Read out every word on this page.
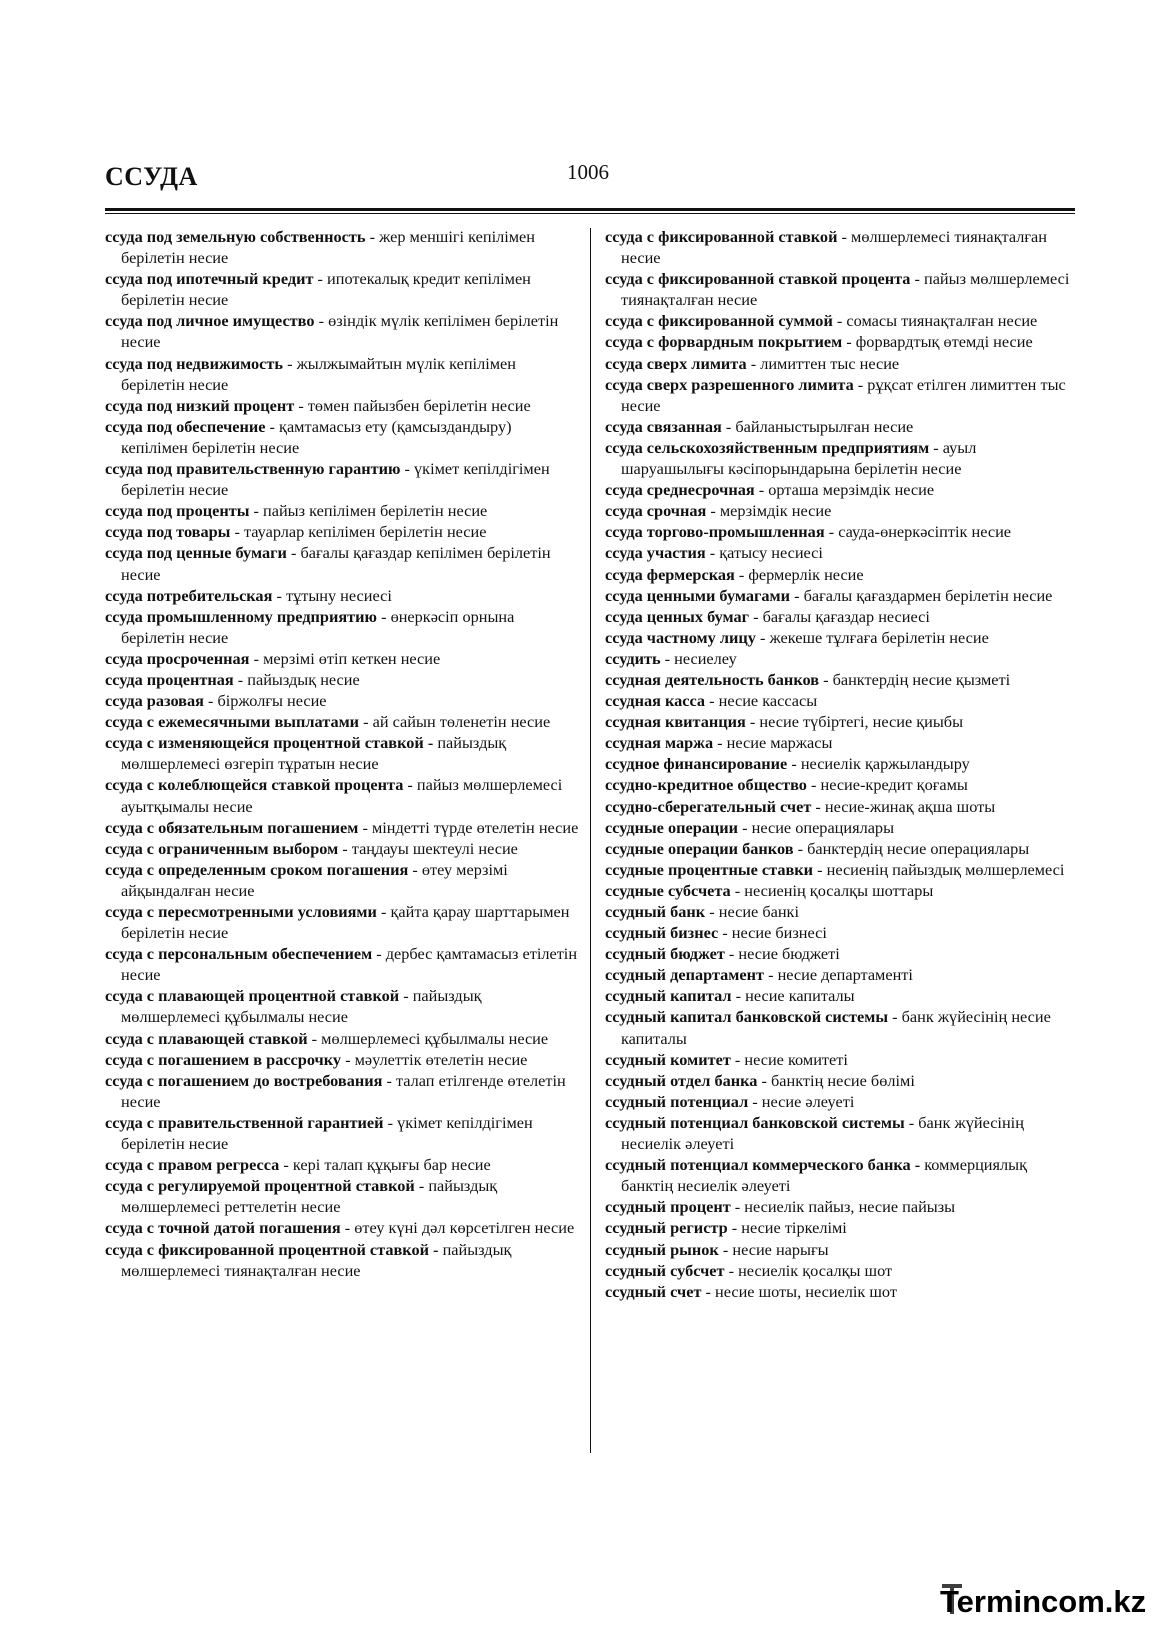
ССУДА	1006

ссуда под земельную собственность - жер меншігі кепілімен берілетін несие

ссуда под ипотечный кредит - ипотекалық кредит кепілімен берілетін несие

ссуда под личное имущество - өзіндік мүлік кепілімен берілетін несие

ссуда под недвижимость - жылжымайтын мүлік кепілімен берілетін несие

ссуда под низкий процент - төмен пайызбен берілетін несие

ссуда под обеспечение - қамтамасыз ету (қамсыздандыру) кепілімен берілетін несие

ссуда под правительственную гарантию - үкімет кепілдігімен берілетін несие

ссуда под проценты - пайыз кепілімен берілетін несие

ссуда под товары - тауарлар кепілімен берілетін несие

ссуда под ценные бумаги - бағалы қағаздар кепілімен берілетін несие

ссуда потребительская - тұтыну несиесі

ссуда промышленному предприятию - өнеркәсіп орнына берілетін несие

ссуда просроченная - мерзімі өтіп кеткен несие

ссуда процентная - пайыздық несие

ссуда разовая - біржолғы несие

ссуда с ежемесячными выплатами - ай сайын төленетін несие

ссуда с изменяющейся процентной ставкой - пайыздық мөлшерлемесі өзгеріп тұратын несие

ссуда с колеблющейся ставкой процента - пайыз мөлшерлемесі ауытқымалы несие

ссуда с обязательным погашением - міндетті түрде өтелетін несие

ссуда с ограниченным выбором - таңдауы шектеулі несие

ссуда с определенным сроком погашения - өтеу мерзімі айқындалған несие

ссуда с пересмотренными условиями - қайта қарау шарттарымен берілетін несие

ссуда с персональным обеспечением - дербес қамтамасыз етілетін несие

ссуда с плавающей процентной ставкой - пайыздық мөлшерлемесі құбылмалы несие

ссуда с плавающей ставкой - мөлшерлемесі құбылмалы несие

ссуда с погашением в рассрочку - мәулеттік өтелетін несие

ссуда с погашением до востребования - талап етілгенде өтелетін несие

ссуда с правительственной гарантией - үкімет кепілдігімен берілетін несие

ссуда с правом регресса - кері талап құқығы бар несие

ссуда с регулируемой процентной ставкой - пайыздық мөлшерлемесі реттелетін несие

ссуда с точной датой погашения - өтеу күні дәл көрсетілген несие

ссуда с фиксированной процентной ставкой - пайыздық мөлшерлемесі тиянақталған несие

ссуда с фиксированной ставкой - мөлшерлемесі тиянақталған несие

ссуда с фиксированной ставкой процента - пайыз мөлшерлемесі тиянақталған несие

ссуда с фиксированной суммой - сомасы тиянақталған несие

ссуда с форвардным покрытием - форвардтық өтемді несие

ссуда сверх лимита - лимиттен тыс несие

ссуда сверх разрешенного лимита - рұқсат етілген лимиттен тыс несие

ссуда связанная - байланыстырылған несие

ссуда сельскохозяйственным предприятиям - ауыл шаруашылығы кәсіпорындарына берілетін несие

ссуда среднесрочная - орташа мерзімдік несие

ссуда срочная - мерзімдік несие

ссуда торгово-промышленная - сауда-өнеркәсіптік несие

ссуда участия - қатысу несиесі

ссуда фермерская - фермерлік несие

ссуда ценными бумагами - бағалы қағаздармен берілетін несие

ссуда ценных бумаг - бағалы қағаздар несиесі

ссуда частному лицу - жекеше тұлғаға берілетін несие

ссудить - несиелеу

ссудная деятельность банков - банктердің несие қызметі

ссудная касса - несие кассасы

ссудная квитанция - несие түбіртегі, несие қиыбы

ссудная маржа - несие маржасы

ссудное финансирование - несиелік қаржыландыру

ссудно-кредитное общество - несие-кредит қоғамы

ссудно-сберегательный счет - несие-жинақ ақша шоты

ссудные операции - несие операциялары

ссудные операции банков - банктердің несие операциялары

ссудные процентные ставки - несиенің пайыздық мөлшерлемесі

ссудные субсчета - несиенің қосалқы шоттары

ссудный банк - несие банкі

ссудный бизнес - несие бизнесі

ссудный бюджет - несие бюджеті

ссудный департамент - несие департаменті

ссудный капитал - несие капиталы

ссудный капитал банковской системы - банк жүйесінің несие капиталы

ссудный комитет - несие комитеті

ссудный отдел банка - банктің несие бөлімі

ссудный потенциал - несие әлеуеті

ссудный потенциал банковской системы - банк жүйесінің несиелік әлеуеті

ссудный потенциал коммерческого банка - коммерциялық банктің несиелік әлеуеті

ссудный процент - несиелік пайыз, несие пайызы

ссудный регистр - несие тіркелімі

ссудный рынок - несие нарығы

ссудный субсчет - несиелік қосалқы шот

ссудный счет - несие шоты, несиелік шот

Termincom.kz
